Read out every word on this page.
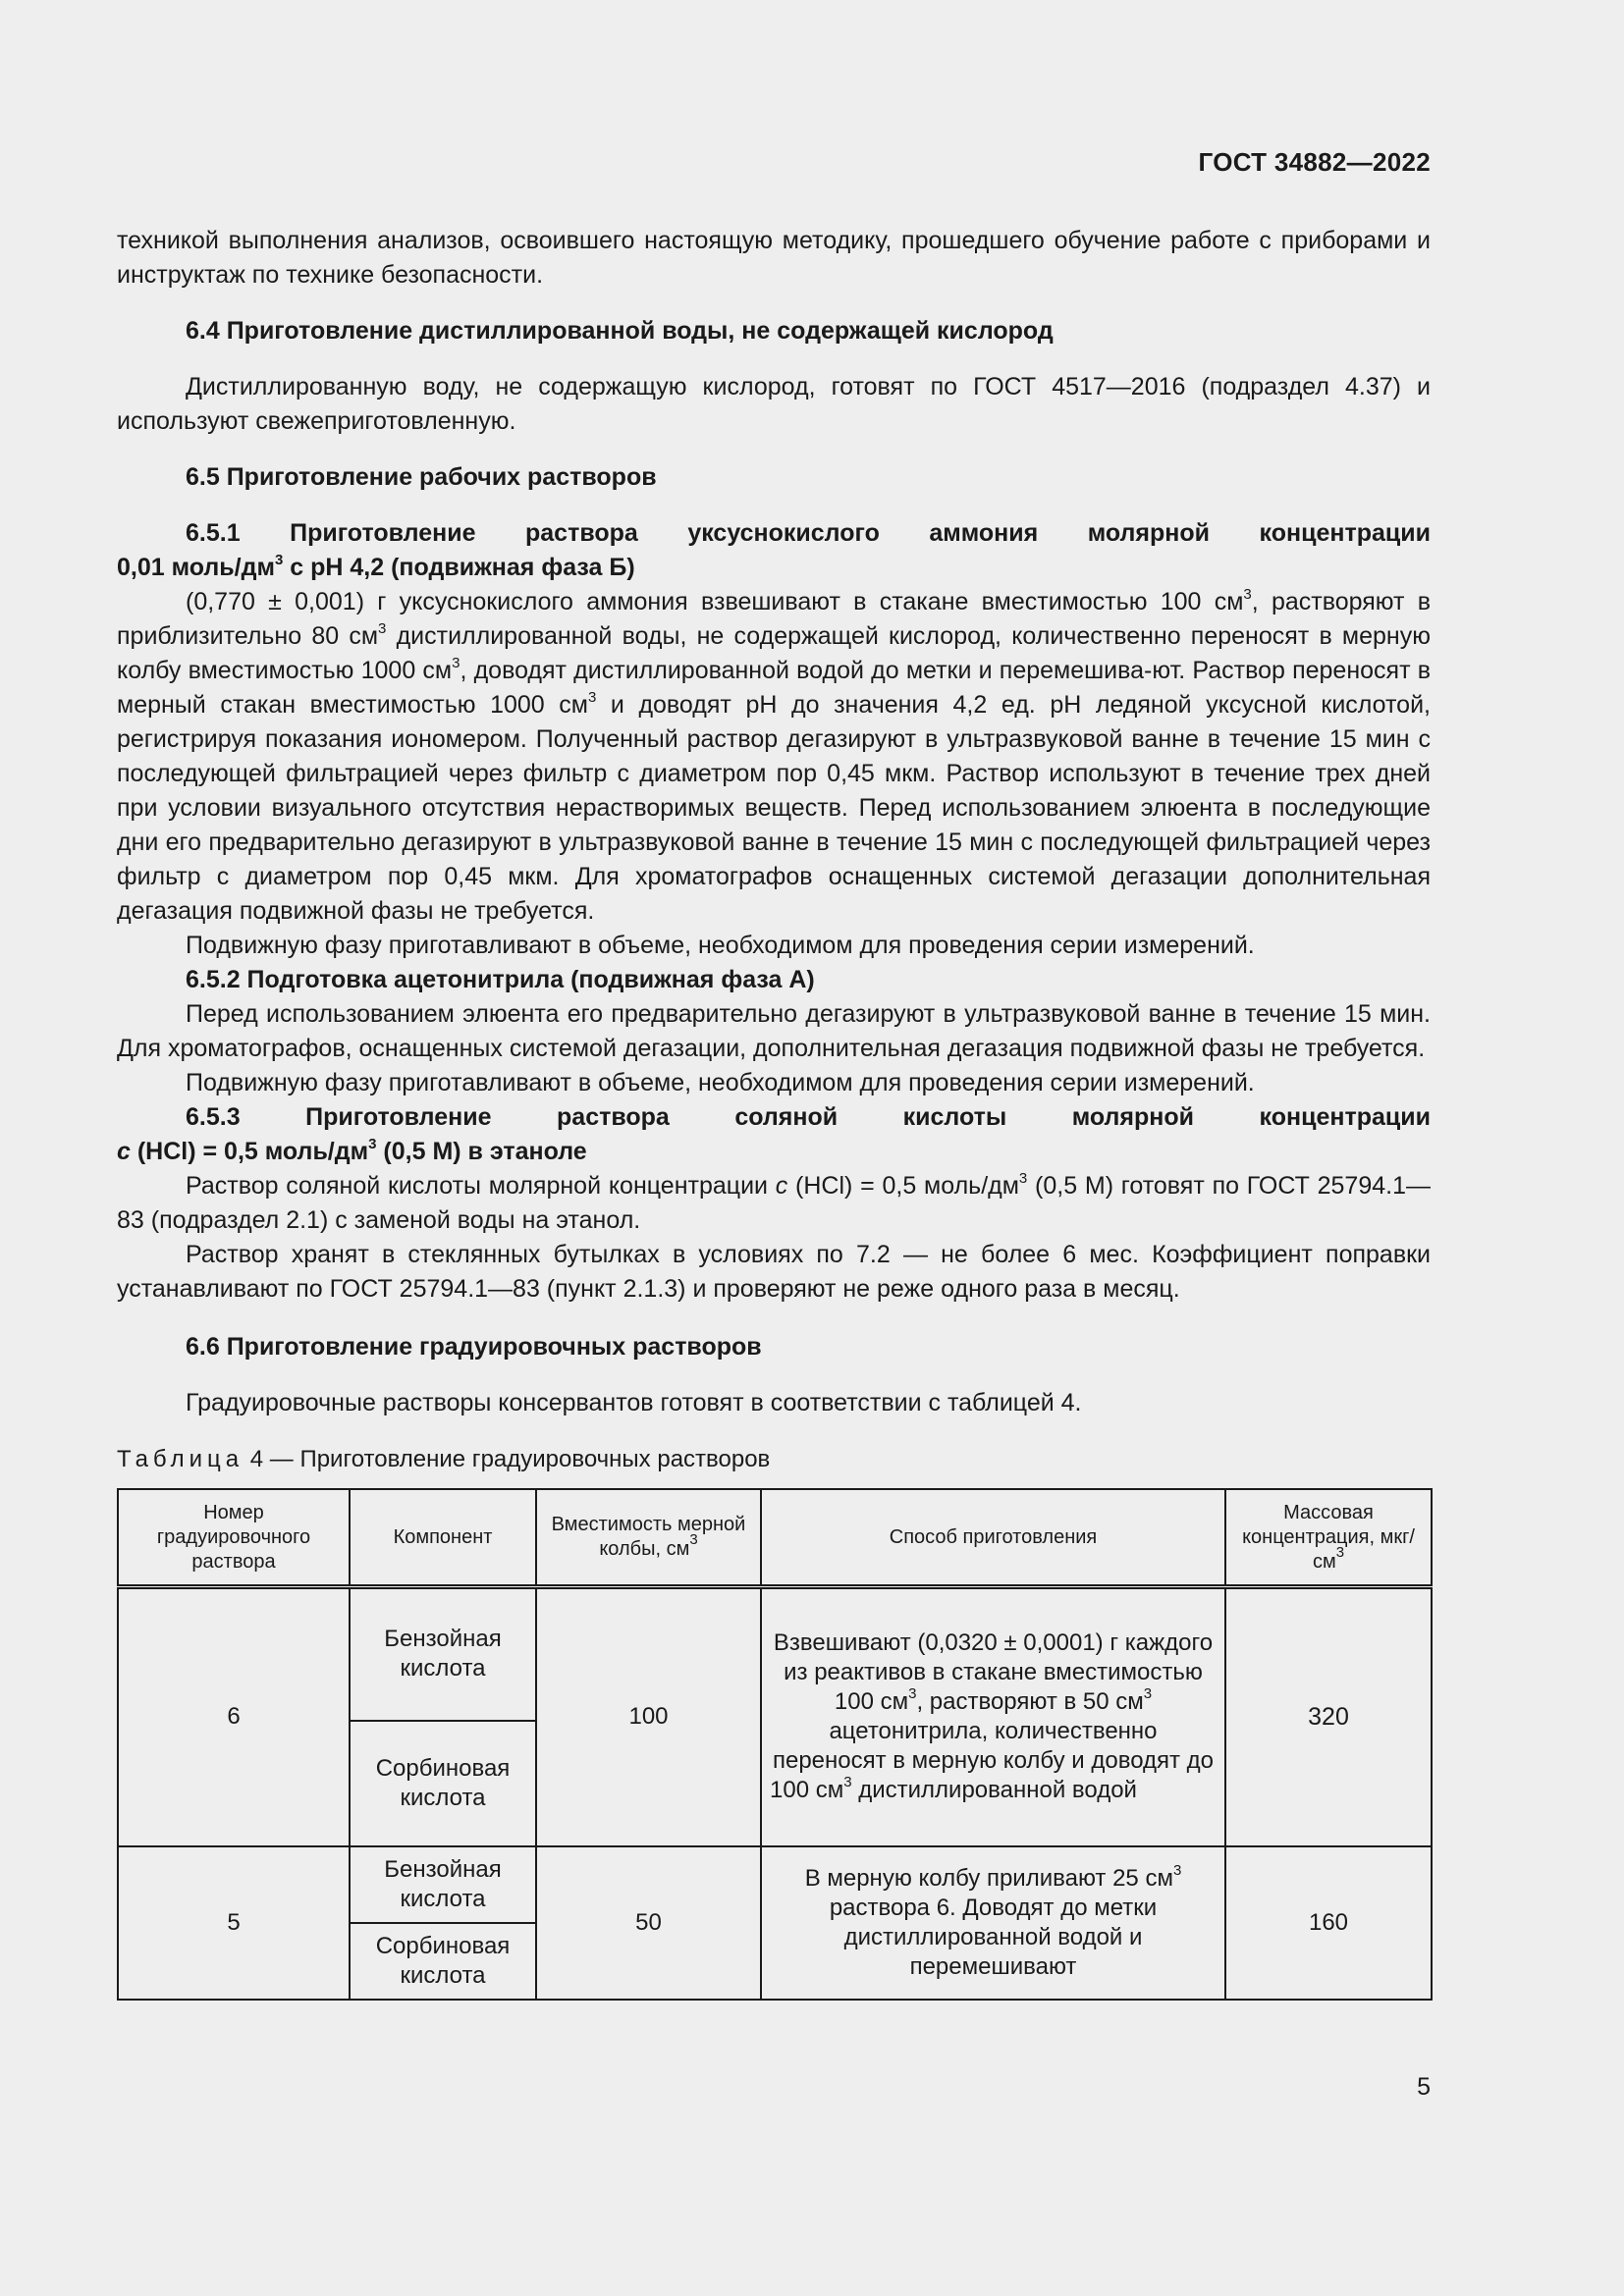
ГОСТ 34882—2022

техникой выполнения анализов, освоившего настоящую методику, прошедшего обучение работе с приборами и инструктаж по технике безопасности.

6.4 Приготовление дистиллированной воды, не содержащей кислород

Дистиллированную воду, не содержащую кислород, готовят по ГОСТ 4517—2016 (подраздел 4.37) и используют свежеприготовленную.

6.5 Приготовление рабочих растворов

6.5.1 Приготовление раствора уксуснокислого аммония молярной концентрации

0,01 моль/$дм^3$ с рН 4,2 (подвижная фаза Б)

(0,770 ± 0,001) г уксуснокислого аммония взвешивают в стакане вместимостью 100 $см^3$, растворяют в приблизительно 80 $см^3$ дистиллированной воды, не содержащей кислород, количественно переносят в мерную колбу вместимостью 1000 $см^3$, доводят дистиллированной водой до метки и перемешива-ют. Раствор переносят в мерный стакан вместимостью 1000 $см^3$ и доводят рН до значения 4,2 ед. рН ледяной уксусной кислотой, регистрируя показания иономером. Полученный раствор дегазируют в ультразвуковой ванне в течение 15 мин с последующей фильтрацией через фильтр с диаметром пор 0,45 мкм. Раствор используют в течение трех дней при условии визуального отсутствия нерастворимых веществ. Перед использованием элюента в последующие дни его предварительно дегазируют в ультразвуковой ванне в течение 15 мин с последующей фильтрацией через фильтр с диаметром пор 0,45 мкм. Для хроматографов оснащенных системой дегазации дополнительная дегазация подвижной фазы не требуется.

Подвижную фазу приготавливают в объеме, необходимом для проведения серии измерений.

6.5.2 Подготовка ацетонитрила (подвижная фаза А)

Перед использованием элюента его предварительно дегазируют в ультразвуковой ванне в течение 15 мин. Для хроматографов, оснащенных системой дегазации, дополнительная дегазация подвижной фазы не требуется.

Подвижную фазу приготавливают в объеме, необходимом для проведения серии измерений.

6.5.3 Приготовление раствора соляной кислоты молярной концентрации

с (HCl) = 0,5 моль/$дм^3$ (0,5 М) в этаноле

Раствор соляной кислоты молярной концентрации с (HCl) = 0,5 моль/$дм^3$ (0,5 М) готовят по ГОСТ 25794.1—83 (подраздел 2.1) с заменой воды на этанол.

Раствор хранят в стеклянных бутылках в условиях по 7.2 — не более 6 мес. Коэффициент поправки устанавливают по ГОСТ 25794.1—83 (пункт 2.1.3) и проверяют не реже одного раза в месяц.

6.6 Приготовление градуировочных растворов

Градуировочные растворы консервантов готовят в соответствии с таблицей 4.

Таблица 4 — Приготовление градуировочных растворов

Номер градуировочного раствора	Компонент	Вместимость мерной колбы, $см^3$	Способ приготовления	Массовая концентрация, мкг/$см^3$
6	Бензойная кислота	100	Взвешивают (0,0320 ± 0,0001) г каждого из реактивов в стакане вместимостью 100 $см^3$, растворяют в 50 $см^3$ ацетонитрила, количественно переносят в мерную колбу и доводят до 100 $см^3$ дистиллированной водой	320
	Сорбиновая кислота			
5	Бензойная кислота	50	В мерную колбу приливают 25 $см^3$ раствора 6. Доводят до метки дистиллированной водой и перемешивают	160
	Сорбиновая кислота			
5
